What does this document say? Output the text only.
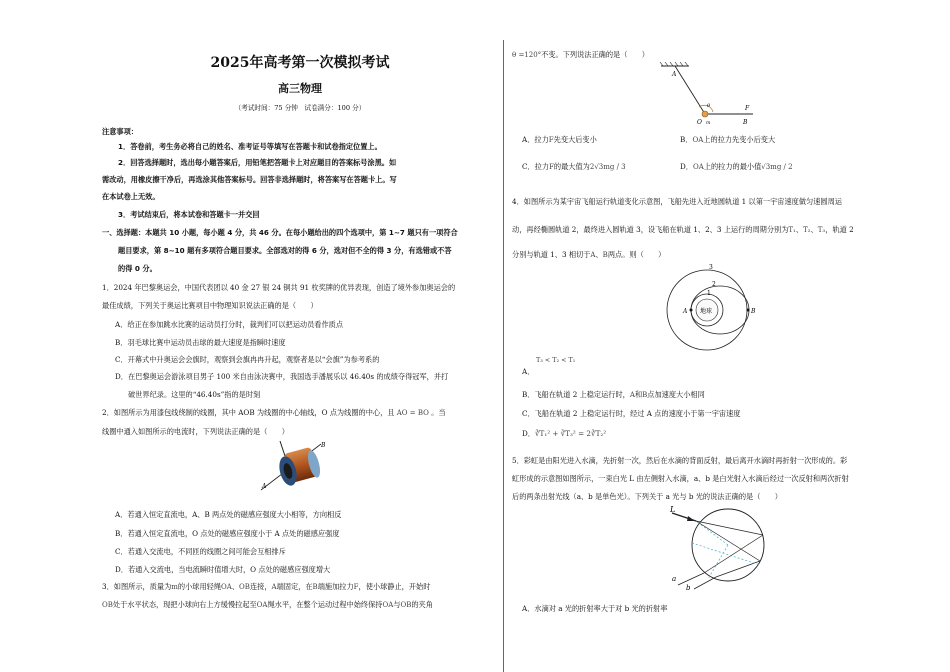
2025年高考第一次模拟考试
高三物理
（考试时间：75 分钟　试卷满分：100 分）
注意事项：
1．答卷前，考生务必将自己的姓名、准考证号等填写在答题卡和试卷指定位置上。
2．回答选择题时，选出每小题答案后，用铅笔把答题卡上对应题目的答案标号涂黑。如
需改动，用橡皮擦干净后，再选涂其他答案标号。回答非选择题时，将答案写在答题卡上。写
在本试卷上无效。
3．考试结束后，将本试卷和答题卡一并交回
一、选择题：本题共 10 小题，每小题 4 分，共 46 分。在每小题给出的四个选项中，第 1~7 题只有一项符合
题目要求，第 8~10 题有多项符合题目要求。全部选对的得 6 分，选对但不全的得 3 分，有选错或不答
的得 0 分。
1．2024 年巴黎奥运会，中国代表团以 40 金 27 银 24 铜共 91 枚奖牌的优异表现，创造了境外参加奥运会的
最佳成绩，下列关于奥运比赛项目中物理知识说法正确的是（　　）
A．给正在参加跳水比赛的运动员打分时，裁判们可以把运动员看作质点
B．羽毛球比赛中运动员击球的最大速度是指瞬时速度
C．开幕式中升奥运会会旗时，观察到会旗冉冉升起，观察者是以“会旗”为参考系的
D．在巴黎奥运会游泳项目男子 100 米自由泳决赛中，我国选手潘展乐以 46.40s 的成绩夺得冠军，并打
破世界纪录。这里的“46.40s”指的是时刻
2．如图所示为用漆包线绕制的线圈，其中 AOB 为线圈的中心轴线，O 点为线圈的中心，且 AO = BO 。当
线圈中通入如图所示的电流时，下列说法正确的是（　　）
A
B
A．若通入恒定直流电，A、B 两点处的磁感应强度大小相等，方向相反
B．若通入恒定直流电，O 点处的磁感应强度小于 A 点处的磁感应强度
C．若通入交流电，不同匝的线圈之间可能会互相排斥
D．若通入交流电，当电流瞬时值增大时，O 点处的磁感应强度增大
3．如图所示，质量为m的小球用轻绳OA、OB连接，A端固定，在B端施加拉力F，使小球静止，开始时
OB处于水平状态，现把小球向右上方缓慢拉起至OA绳水平，在整个运动过程中始终保持OA与OB的夹角
θ =120°不变。下列说法正确的是（　　）
A
θ
O m	B
F
A．拉力F先变大后变小	B．OA上的拉力先变小后变大
C．拉力F的最大值为2√3mg / 3	D．OA上的拉力的最小值√3mg / 2
4．如图所示为某宇宙飞船运行轨道变化示意图，飞船先进入近地圆轨道 1 以第一宇宙速度做匀速圆周运
动，再经椭圆轨道 2，最终进入圆轨道 3，设飞船在轨道 1、2、3 上运行的周期分别为T₁、T₂、T₃，轨道 2
分别与轨道 1、3 相切于A、B两点。则（　　）
3
2
1
地球
A	B
T₃ < T₂ < T₁
A．
B．飞船在轨道 2 上稳定运行时，A和B点加速度大小相同
C．飞船在轨道 2 上稳定运行时，经过 A 点的速度小于第一宇宙速度
D．∛T₁² + ∛T₃² = 2∛T₂²
5．彩虹是由阳光进入水滴，先折射一次，然后在水滴的背面反射，最后离开水滴时再折射一次形成的。彩
虹形成的示意图如图所示，一束白光 L 由左侧射入水滴，a、b 是白光射入水滴后经过一次反射和两次折射
后的两条出射光线（a、b 是单色光）。下列关于 a 光与 b 光的说法正确的是（　　）
L
a
b
A．水滴对 a 光的折射率大于对 b 光的折射率
